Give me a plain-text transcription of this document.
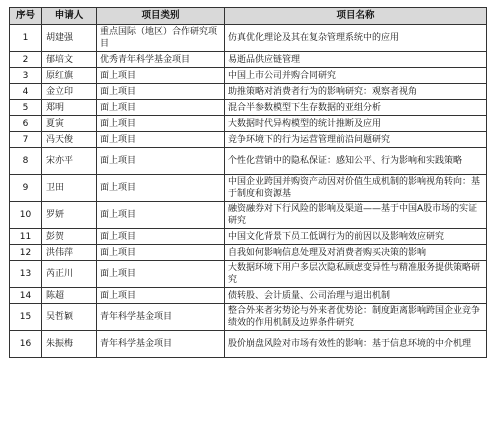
序号	申请人	项目类别	项目名称
1	胡建强	重点国际（地区）合作研究项目	仿真优化理论及其在复杂管理系统中的应用
2	郁培文	优秀青年科学基金项目	易逝品供应链管理
3	原红旗	面上项目	中国上市公司并购合同研究
4	金立印	面上项目	助推策略对消费者行为的影响研究：观察者视角
5	郑明	面上项目	混合半参数模型下生存数据的亚组分析
6	夏寅	面上项目	大数据时代异构模型的统计推断及应用
7	冯天俊	面上项目	竞争环境下的行为运营管理前沿问题研究
8	宋亦平	面上项目	个性化营销中的隐私保证：感知公平、行为影响和实践策略
9	卫田	面上项目	中国企业跨国并购资产动因对价值生成机制的影响视角转向：基于制度和资源基
10	罗妍	面上项目	融资融券对下行风险的影响及渠道——基于中国A股市场的实证研究
11	彭贺	面上项目	中国文化背景下员工低调行为的前因以及影响效应研究
12	洪伟萍	面上项目	自我如何影响信息处理及对消费者购买决策的影响
13	芮正川	面上项目	大数据环境下用户多层次隐私顾虑变异性与精准服务提供策略研究
14	陈超	面上项目	债转股、会计质量、公司治理与退出机制
15	吴哲颖	青年科学基金项目	整合外来者劣势论与外来者优势论：制度距离影响跨国企业竞争绩效的作用机制及边界条件研究
16	朱振梅	青年科学基金项目	股价崩盘风险对市场有效性的影响：基于信息环境的中介机理
